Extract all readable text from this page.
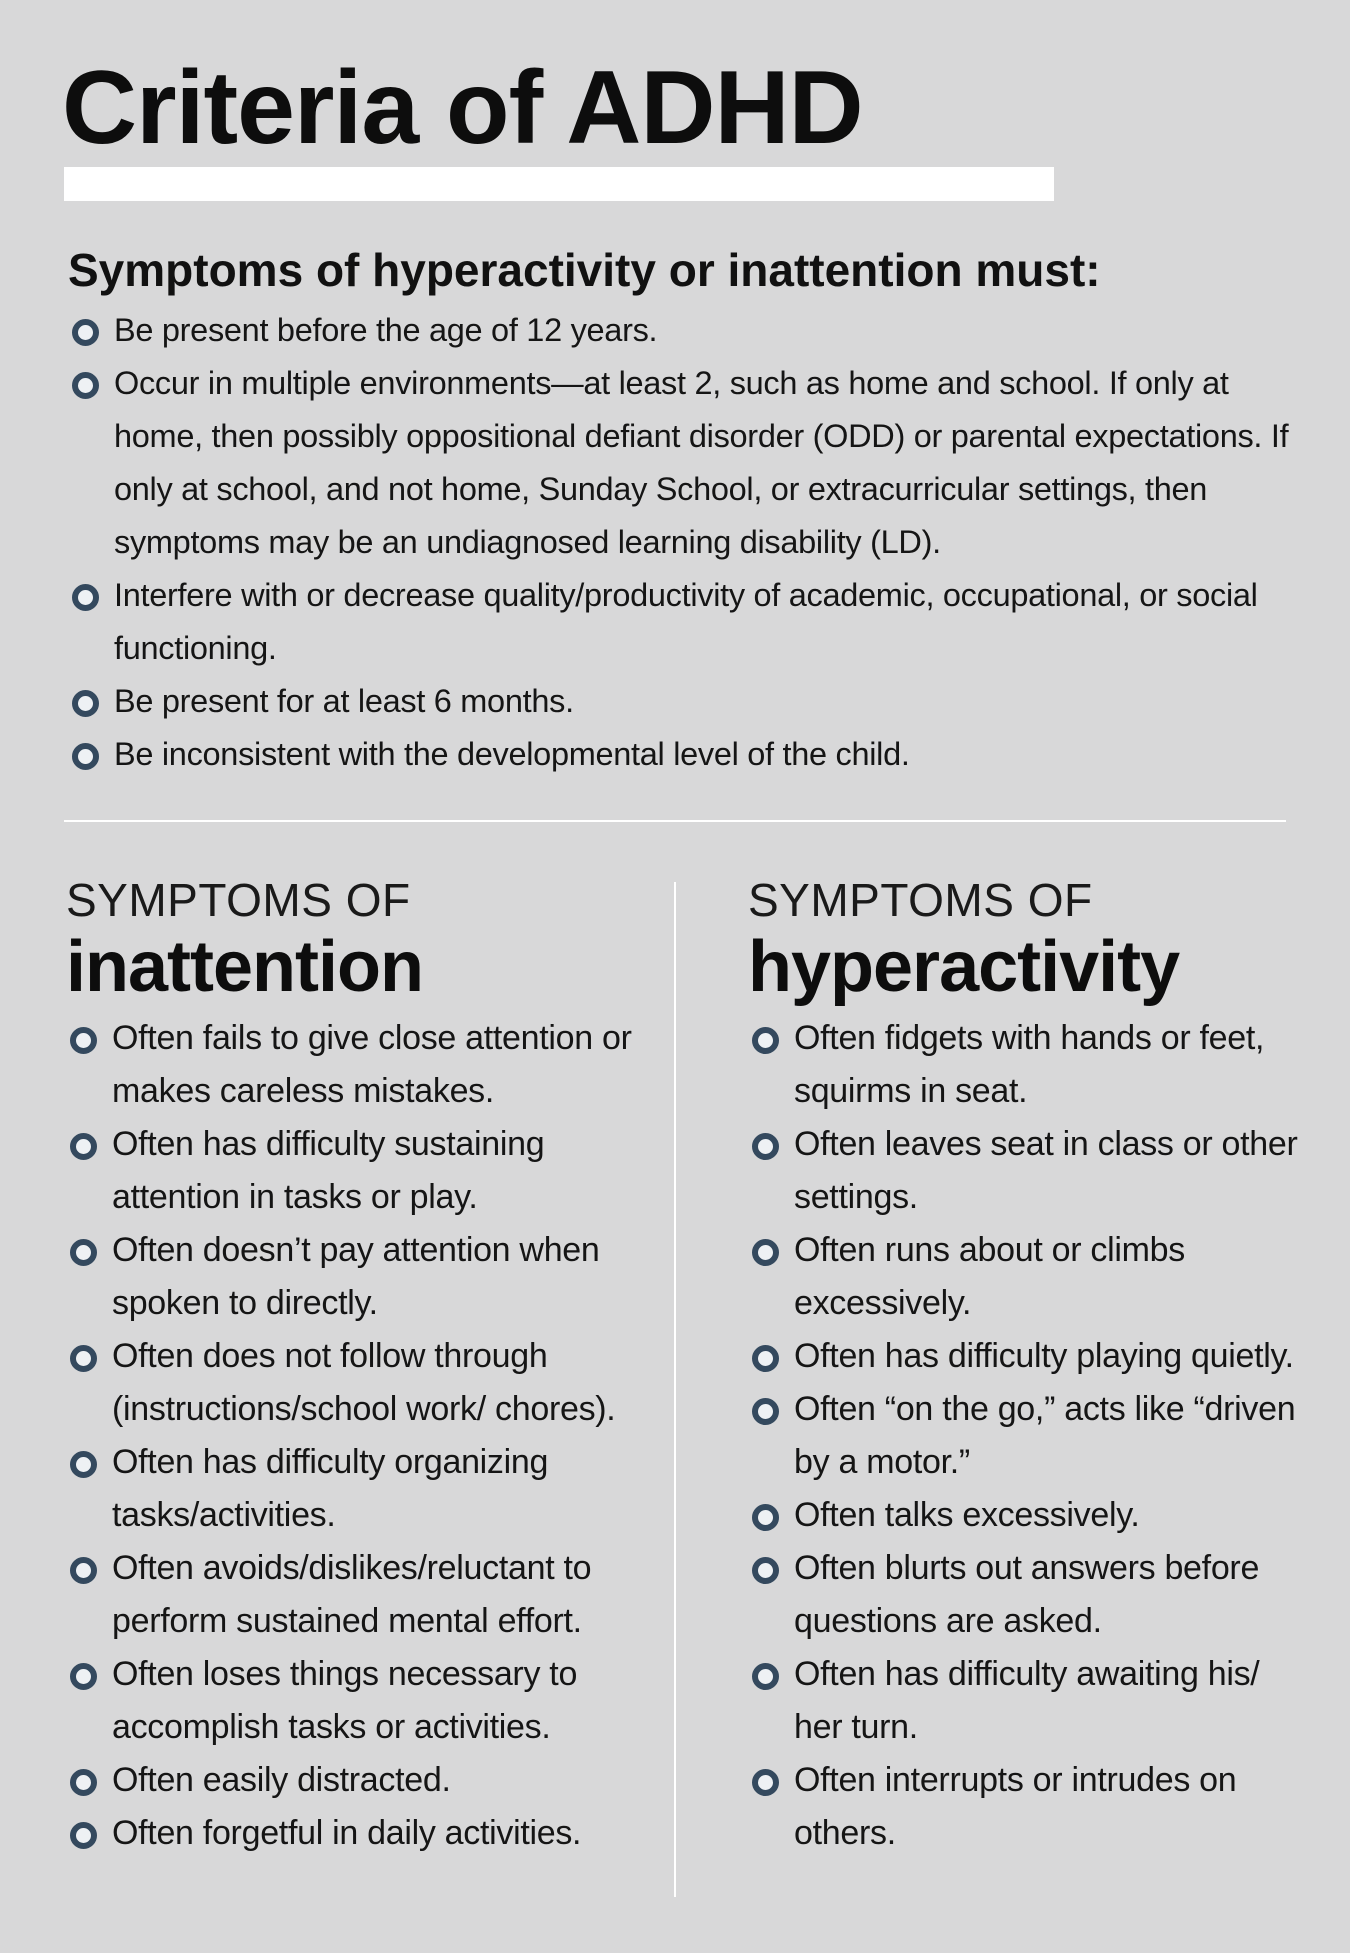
Criteria of ADHD
Symptoms of hyperactivity or inattention must:
Be present before the age of 12 years.
Occur in multiple environments—at least 2, such as home and school. If only at home, then possibly oppositional defiant disorder (ODD) or parental expectations. If only at school, and not home, Sunday School, or extracurricular settings, then symptoms may be an undiagnosed learning disability (LD).
Interfere with or decrease quality/productivity of academic, occupational, or social functioning.
Be present for at least 6 months.
Be inconsistent with the developmental level of the child.
SYMPTOMS OF
inattention
Often fails to give close attention or makes careless mistakes.
Often has difficulty sustaining attention in tasks or play.
Often doesn’t pay attention when spoken to directly.
Often does not follow through (instructions/school work/ chores).
Often has difficulty organizing tasks/activities.
Often avoids/dislikes/reluctant to perform sustained mental effort.
Often loses things necessary to accomplish tasks or activities.
Often easily distracted.
Often forgetful in daily activities.
SYMPTOMS OF
hyperactivity
Often fidgets with hands or feet, squirms in seat.
Often leaves seat in class or other settings.
Often runs about or climbs excessively.
Often has difficulty playing quietly.
Often “on the go,” acts like “driven by a motor.”
Often talks excessively.
Often blurts out answers before questions are asked.
Often has difficulty awaiting his/ her turn.
Often interrupts or intrudes on others.
